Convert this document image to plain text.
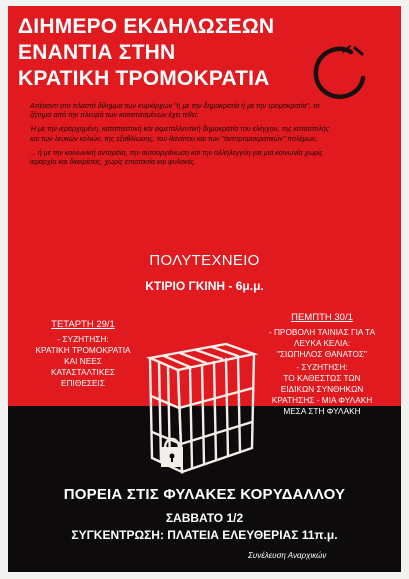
ΔΙΗΜΕΡΟ ΕΚΔΗΛΩΣΕΩΝ
ΕΝΑΝΤΙΑ ΣΤΗΝ
ΚΡΑΤΙΚΗ ΤΡΟΜΟΚΡΑΤΙΑ

Απέναντι στο πλαστό δίλημμα των κυριάρχων "ή με την δημοκρατία ή με την τρομοκρατία", το ζήτημα από την πλευρά των καταπιεσμένων έχει τεθεί:

Ή με την ιεραρχημένη, καταπιεστική και εκμεταλλευτική δημοκρατία του ελέγχου, της καταστολής και των λευκών κελιών, της εξαθλίωσης, του θανάτου και των "αντιτρομοκρατικών" πολέμων,

... ή με την κοινωνική ανταρσία, την αυτοοργάνωση και την αλληλεγγύη για μια κοινωνία χωρίς ιεραρχία και διακρίσεις, χωρίς επιστασία και φυλακές.

ΠΟΛΥΤΕΧΝΕΙΟ
ΚΤΙΡΙΟ ΓΚΙΝΗ - 6μ.μ.
ΤΕΤΑΡΤΗ 29/1
- ΣΥΖΗΤΗΣΗ:
ΚΡΑΤΙΚΗ ΤΡΟΜΟΚΡΑΤΙΑ
ΚΑΙ ΝΕΕΣ
ΚΑΤΑΣΤΑΛΤΙΚΕΣ
ΕΠΙΘΕΣΕΙΣ
ΠΕΜΠΤΗ 30/1
- ΠΡΟΒΟΛΗ ΤΑΙΝΙΑΣ ΓΙΑ ΤΑ
ΛΕΥΚΑ ΚΕΛΙΑ:
"ΣΙΩΠΗΛΟΣ ΘΑΝΑΤΟΣ"
- ΣΥΖΗΤΗΣΗ:
ΤΟ ΚΑΘΕΣΤΩΣ ΤΩΝ
ΕΙΔΙΚΩΝ ΣΥΝΘΗΚΩΝ
ΚΡΑΤΗΣΗΣ - ΜΙΑ ΦΥΛΑΚΗ
ΜΕΣΑ ΣΤΗ ΦΥΛΑΚΗ
ΠΟΡΕΙΑ ΣΤΙΣ ΦΥΛΑΚΕΣ ΚΟΡΥΔΑΛΛΟΥ
ΣΑΒΒΑΤΟ 1/2
ΣΥΓΚΕΝΤΡΩΣΗ: ΠΛΑΤΕΙΑ ΕΛΕΥΘΕΡΙΑΣ 11π.μ.
Συνέλευση Αναρχικών
